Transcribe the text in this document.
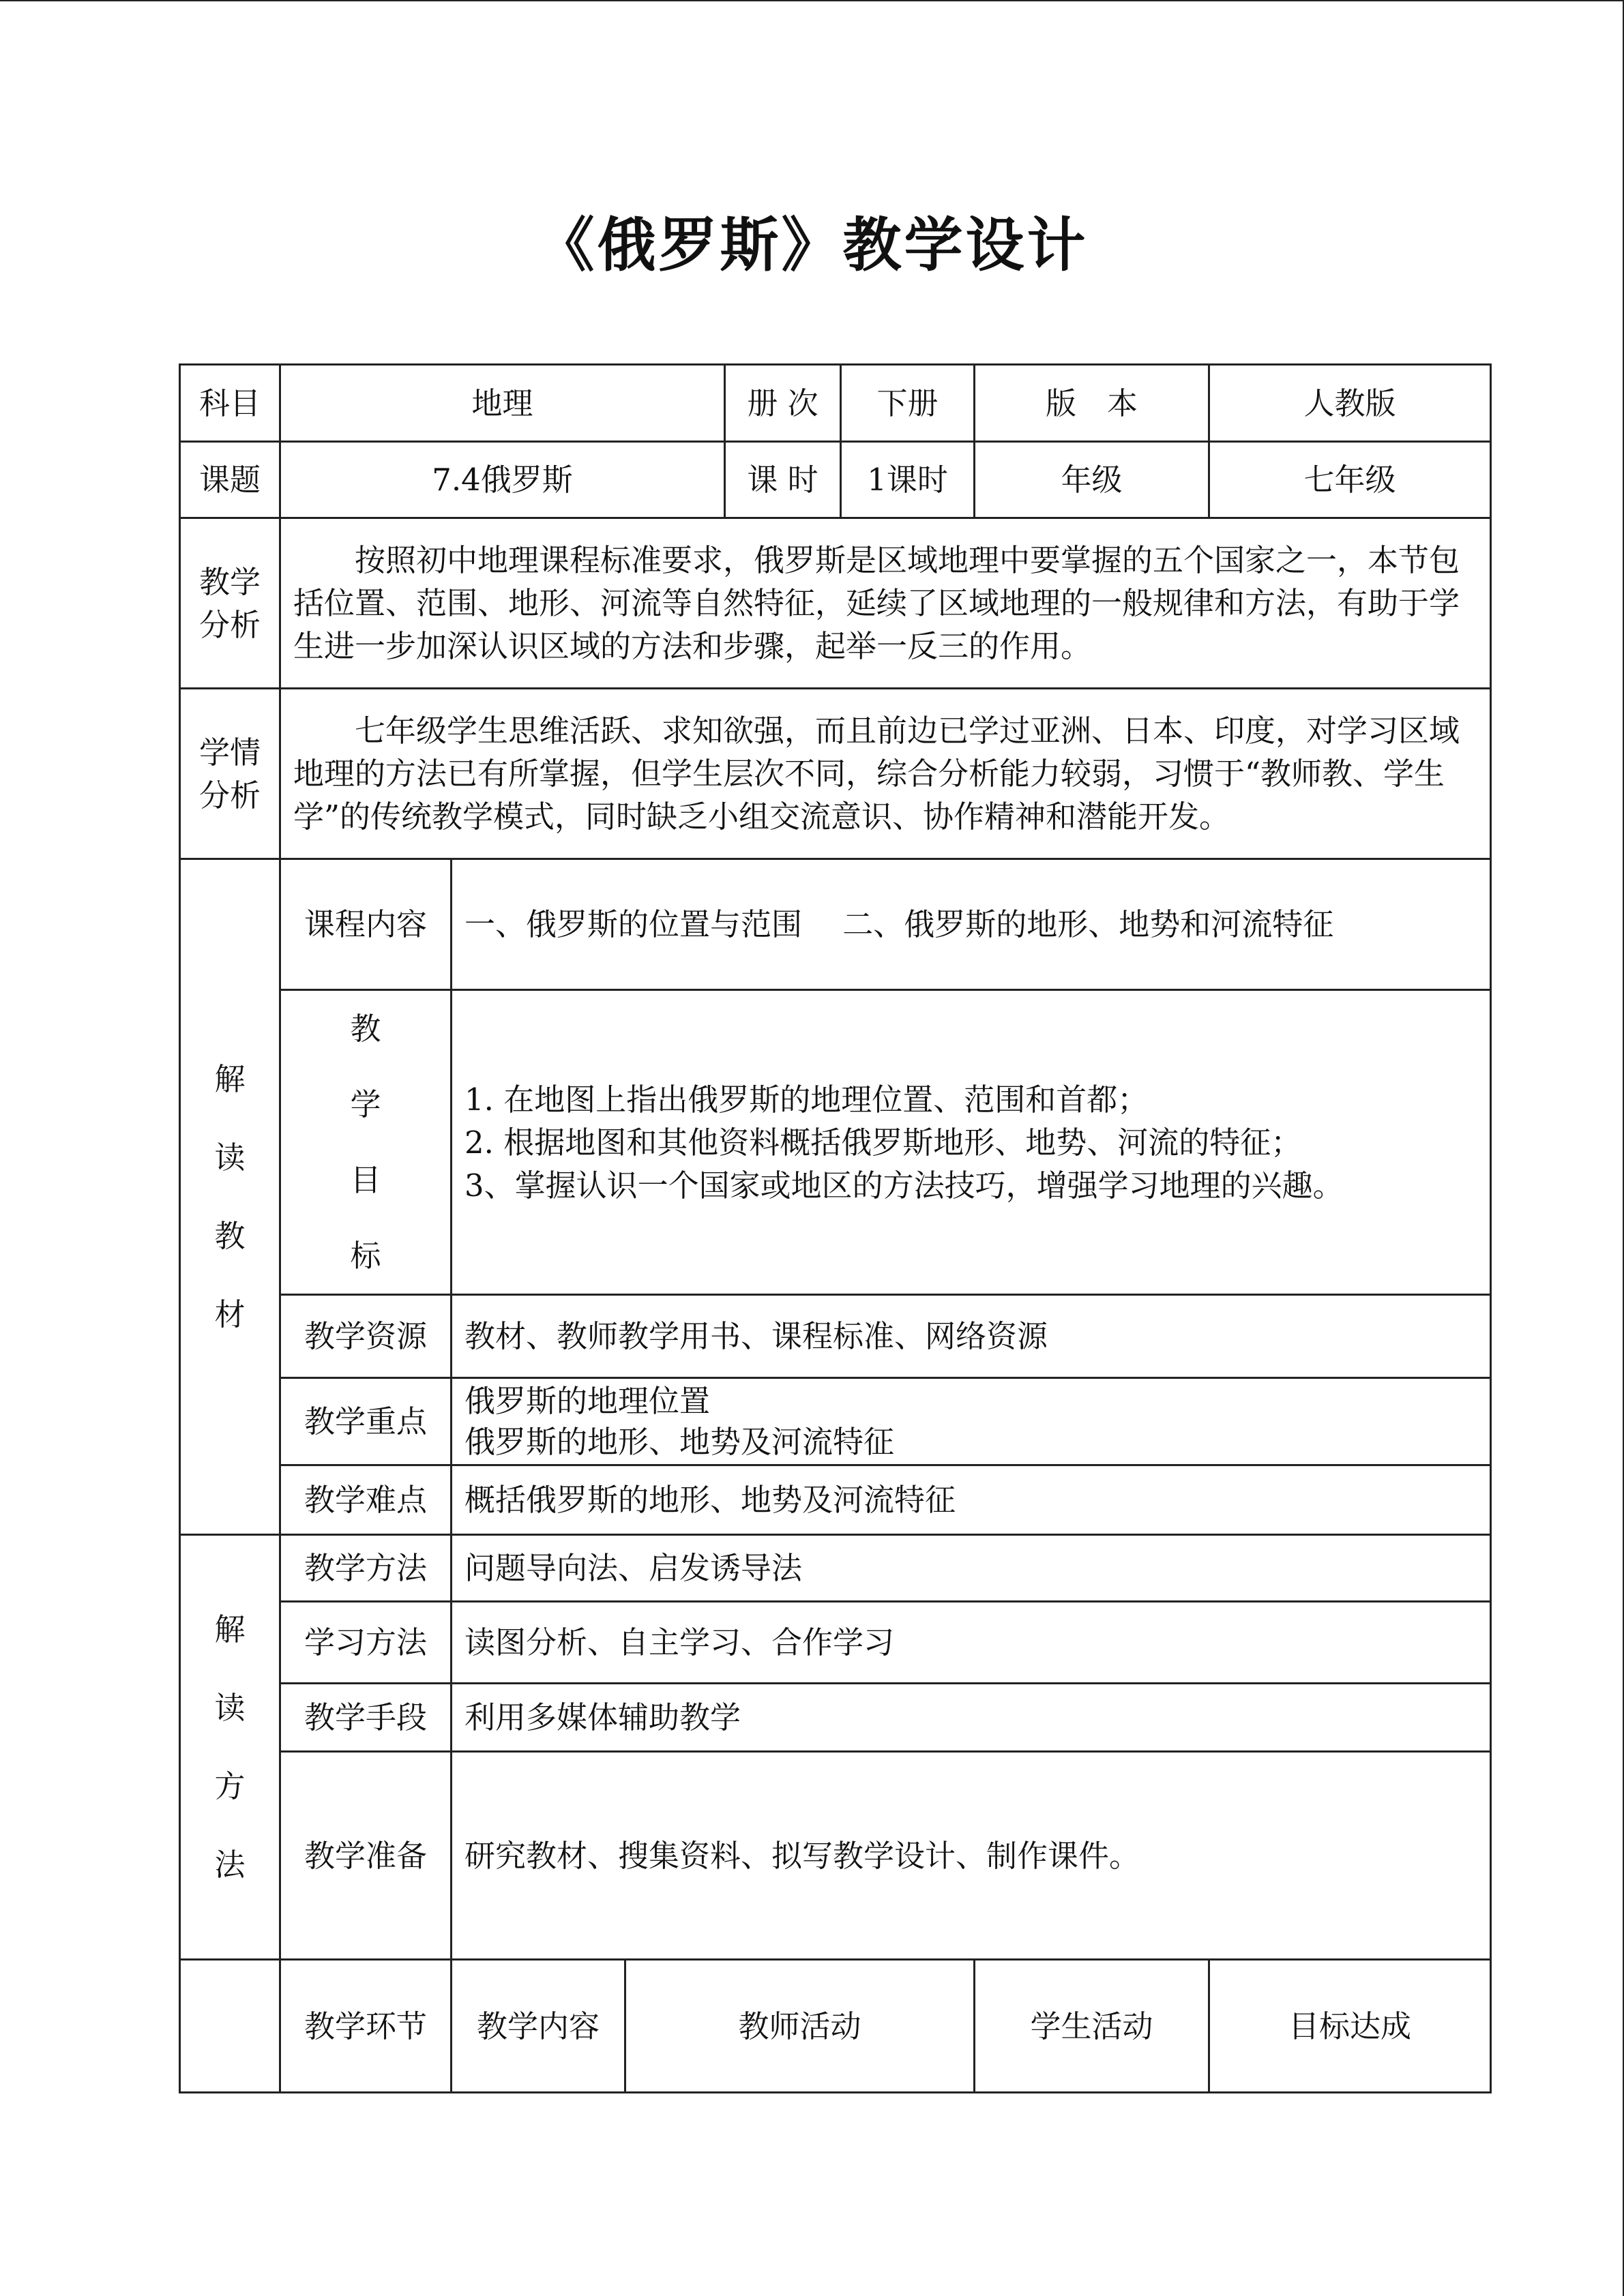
《俄罗斯》教学设计
科目	地理			册 次	下册	版　本	人教版
课题	7.4俄罗斯			课 时	1课时	年级	七年级

教学
分析	按照初中地理课程标准要求，俄罗斯是区域地理中要掌握的五个国家之一，本节包括位置、范围、地形、河流等自然特征，延续了区域地理的一般规律和方法，有助于学生进一步加深认识区域的方法和步骤，起举一反三的作用。						

学情
分析	七年级学生思维活跃、求知欲强，而且前边已学过亚洲、日本、印度，对学习区域地理的方法已有所掌握，但学生层次不同，综合分析能力较弱，习惯于“教师教、学生学”的传统教学模式，同时缺乏小组交流意识、协作精神和潜能开发。						

解
读
教
材	课程内容	一、俄罗斯的位置与范围　 二、俄罗斯的地形、地势和河流特征					

	教
学
目
标	1. 在地图上指出俄罗斯的地理位置、范围和首都；
2. 根据地图和其他资料概括俄罗斯地形、地势、河流的特征；
3、掌握认识一个国家或地区的方法技巧，增强学习地理的兴趣。					

	教学资源	教材、教师教学用书、课程标准、网络资源					
	教学重点	俄罗斯的地理位置
俄罗斯的地形、地势及河流特征					

	教学难点	概括俄罗斯的地形、地势及河流特征					

解
读
方
法	教学方法	问题导向法、启发诱导法					
	学习方法	读图分析、自主学习、合作学习					
	教学手段	利用多媒体辅助教学					
	教学准备	研究教材、搜集资料、拟写教学设计、制作课件。					
	教学环节	教学内容	教师活动			学生活动	目标达成
